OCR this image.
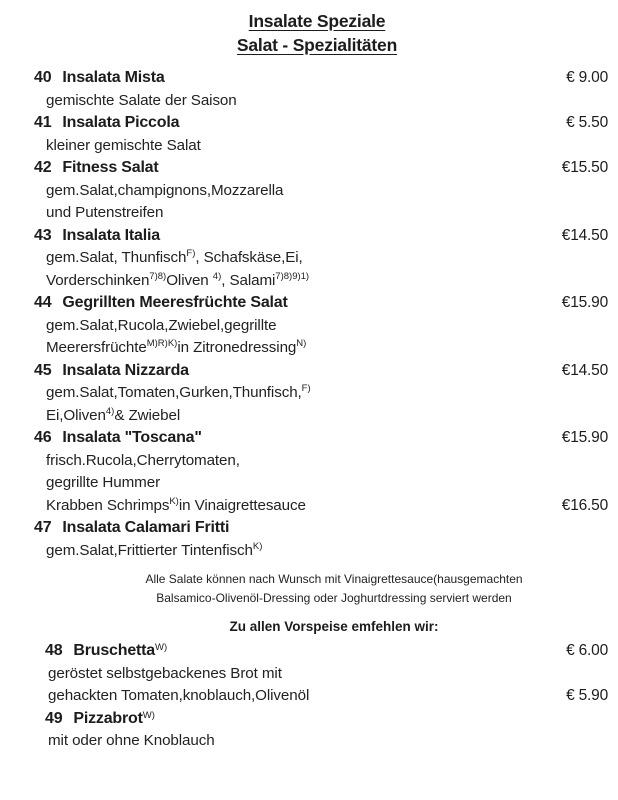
Insalate Speziale
Salat - Spezialitäten
40 Insalata Mista	€ 9.00
gemischte Salate der Saison
41 Insalata Piccola	€ 5.50
kleiner gemischte Salat
42 Fitness Salat	€15.50
gem.Salat,champignons,Mozzarella
und Putenstreifen
43 Insalata Italia	€14.50
gem.Salat, Thunfisch$^{F)}$, Schafskäse,Ei,
Vorderschinken$^{7)8)}$Oliven $^{4)}$, Salami$^{7)8)9)1)}$
44 Gegrillten Meeresfrüchte Salat	€15.90
gem.Salat,Rucola,Zwiebel,gegrillte
Meerersfrüchte$^{M)R)K)}$in Zitronedressing$^{N)}$
45 Insalata Nizzarda	€14.50
gem.Salat,Tomaten,Gurken,Thunfisch,$^{F)}$
Ei,Oliven$^{4)}$& Zwiebel
46 Insalata "Toscana"	€15.90
frisch.Rucola,Cherrytomaten,
gegrillte Hummer
Krabben Schrimps$^{K)}$in Vinaigrettesauce	€16.50
47 Insalata Calamari Fritti
gem.Salat,Frittierter Tintenfisch$^{K)}$
Alle Salate können nach Wunsch mit Vinaigrettesauce(hausgemachten
Balsamico-Olivenöl-Dressing oder Joghurtdressing serviert werden
Zu allen Vorspeise emfehlen wir:
48 Bruschetta$^{W)}$	€ 6.00
geröstet selbstgebackenes Brot mit
gehackten Tomaten,knoblauch,Olivenöl	€ 5.90
49 Pizzabrot$^{W)}$
mit oder ohne Knoblauch
